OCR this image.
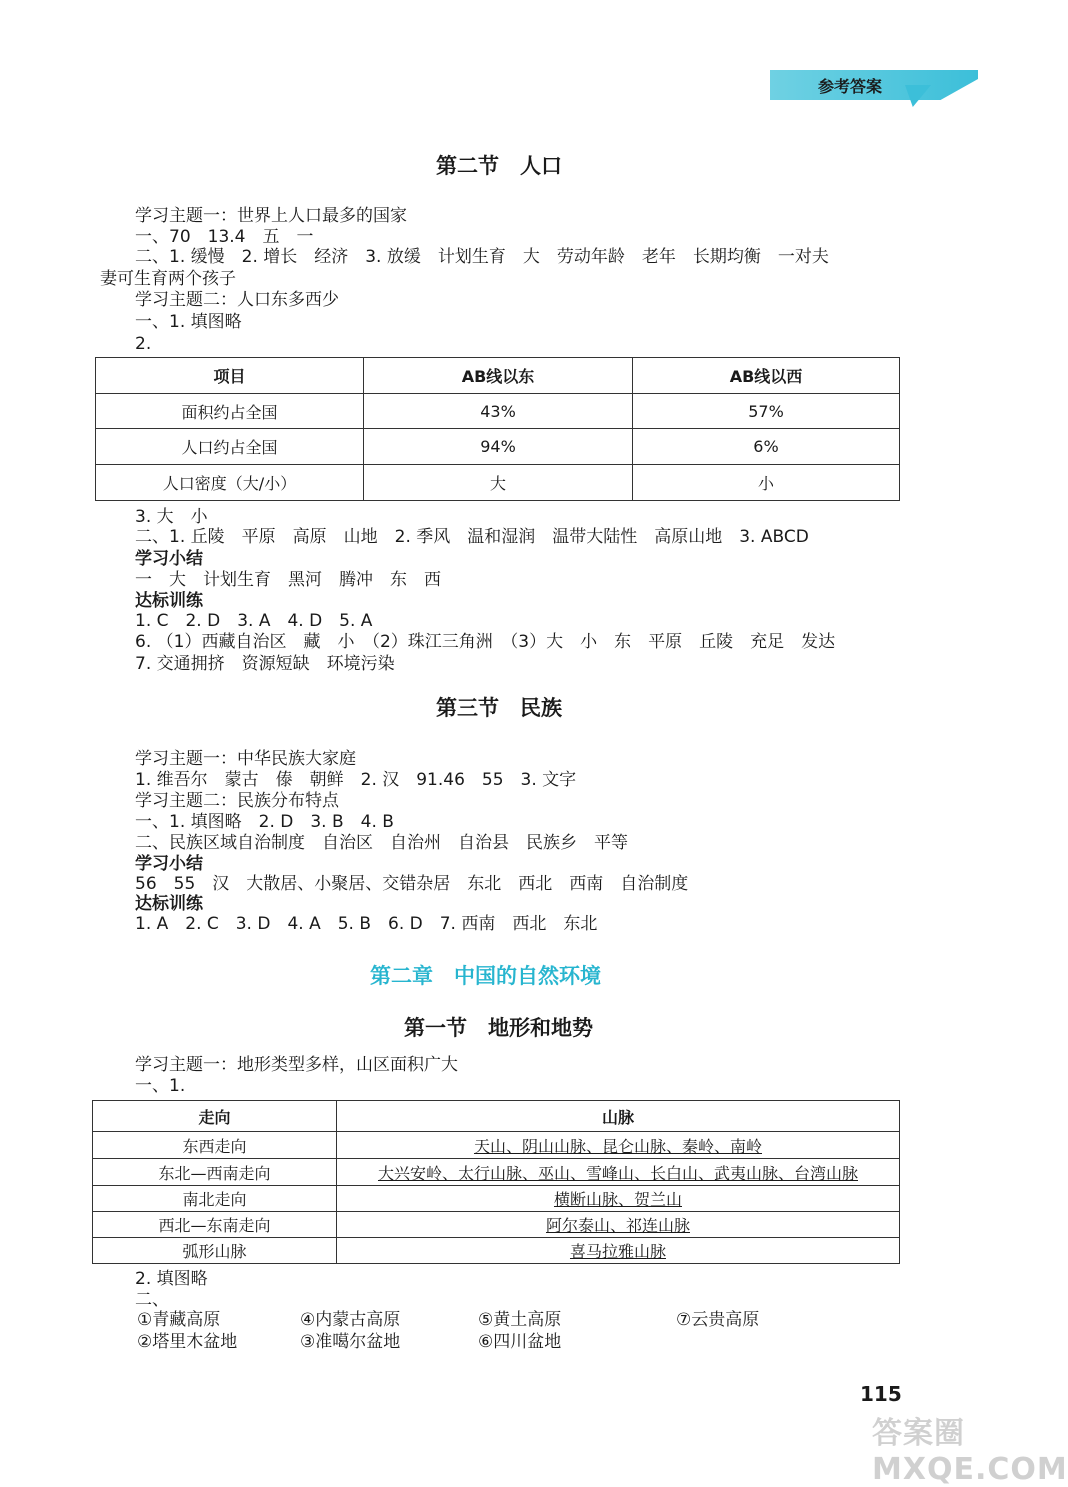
参考答案
第二节　人口
学习主题一：世界上人口最多的国家
一、70　13.4　五　一
二、1. 缓慢　2. 增长　经济　3. 放缓　计划生育　大　劳动年龄　老年　长期均衡　一对夫
妻可生育两个孩子
学习主题二：人口东多西少
一、1. 填图略
2.
项目	AB线以东	AB线以西
面积约占全国	43%	57%
人口约占全国	94%	6%
人口密度（大/小）	大	小
3. 大　小
二、1. 丘陵　平原　高原　山地　2. 季风　温和湿润　温带大陆性　高原山地　3. ABCD
学习小结
一　大　计划生育　黑河　腾冲　东　西
达标训练
1. C　2. D　3. A　4. D　5. A
6. （1）西藏自治区　藏　小　（2）珠江三角洲　（3）大　小　东　平原　丘陵　充足　发达
7. 交通拥挤　资源短缺　环境污染
第三节　民族
学习主题一：中华民族大家庭
1. 维吾尔　蒙古　傣　朝鲜　2. 汉　91.46　55　3. 文字
学习主题二：民族分布特点
一、1. 填图略　2. D　3. B　4. B
二、民族区域自治制度　自治区　自治州　自治县　民族乡　平等
学习小结
56　55　汉　大散居、小聚居、交错杂居　东北　西北　西南　自治制度
达标训练
1. A　2. C　3. D　4. A　5. B　6. D　7. 西南　西北　东北
第二章　中国的自然环境
第一节　地形和地势
学习主题一：地形类型多样，山区面积广大
一、1.
走向	山脉
东西走向	天山、阴山山脉、昆仑山脉、秦岭、南岭
东北—西南走向	大兴安岭、太行山脉、巫山、雪峰山、长白山、武夷山脉、台湾山脉
南北走向	横断山脉、贺兰山
西北—东南走向	阿尔泰山、祁连山脉
弧形山脉	喜马拉雅山脉
2. 填图略
二、
①青藏高原	④内蒙古高原	⑤黄土高原	⑦云贵高原
②塔里木盆地	③准噶尔盆地	⑥四川盆地
115
答案圈 MXQE.COM
